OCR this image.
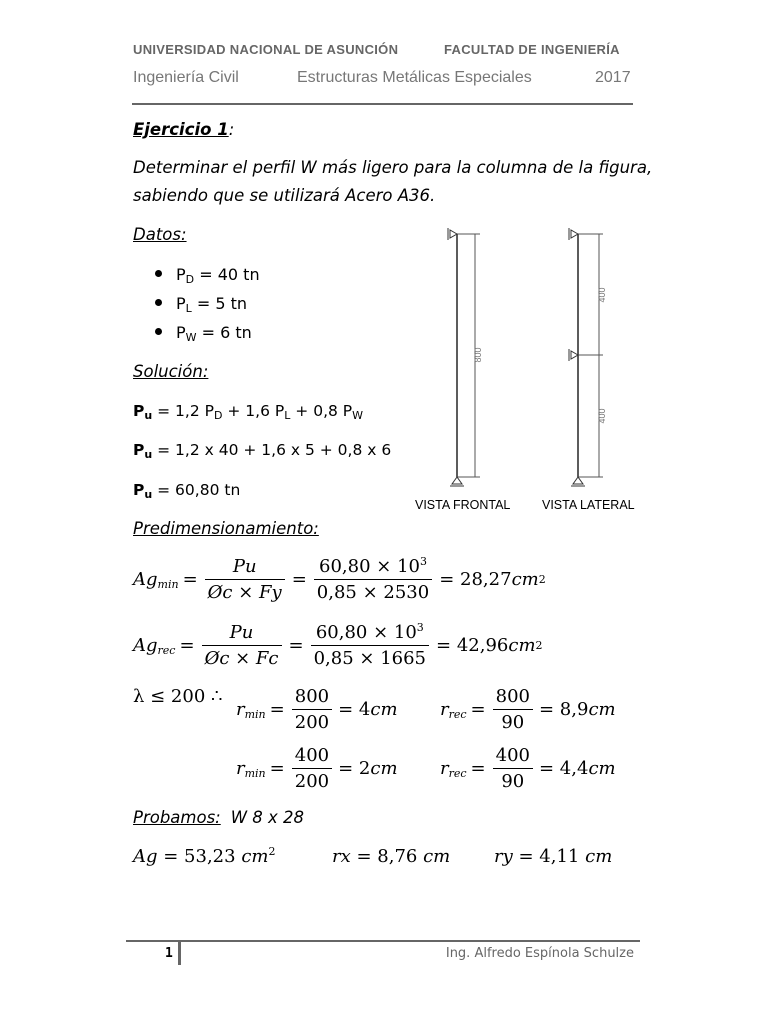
UNIVERSIDAD NACIONAL DE ASUNCIÓN	FACULTAD DE INGENIERÍA
Ingeniería Civil	Estructuras Metálicas Especiales	2017
Ejercicio 1:
Determinar el perfil W más ligero para la columna de la figura,
sabiendo que se utilizará Acero A36.
Datos:
$P_D = 40$ tn
$P_L = 5$ tn
$P_W = 6$ tn
Solución:
$P_u = 1,2$ $P_D + 1,6$ $P_L + 0,8$ $P_W$
$P_u = 1,2$ x 40 + 1,6 x 5 + 0,8 x 6
$P_u = 60,80$ tn
800
400
400
VISTA FRONTAL	VISTA LATERAL
Predimensionamiento:
$Ag_{min} = \frac{Pu}{Øc \times Fy} = \frac{60,80 \times 10^3}{0,85 \times 2530} = 28,27$ cm 2
$Ag_{rec} = \frac{Pu}{Øc \times Fc} = \frac{60,80 \times 10^3}{0,85 \times 1665} = 42,96$ cm 2
λ ≤ 200 ∴
$r_{min} = \frac{800}{200} = 4$ cm $r_{rec} = \frac{800}{90} = 8,9$ cm
$r_{min} = \frac{400}{200} = 2$ cm $r_{rec} = \frac{400}{90} = 4,4$ cm
Probamos: W 8 x 28
Ag = 53,23 $cm^2$	rx = 8,76 cm ry = 4,11 cm
1	Ing. Alfredo Espínola Schulze
